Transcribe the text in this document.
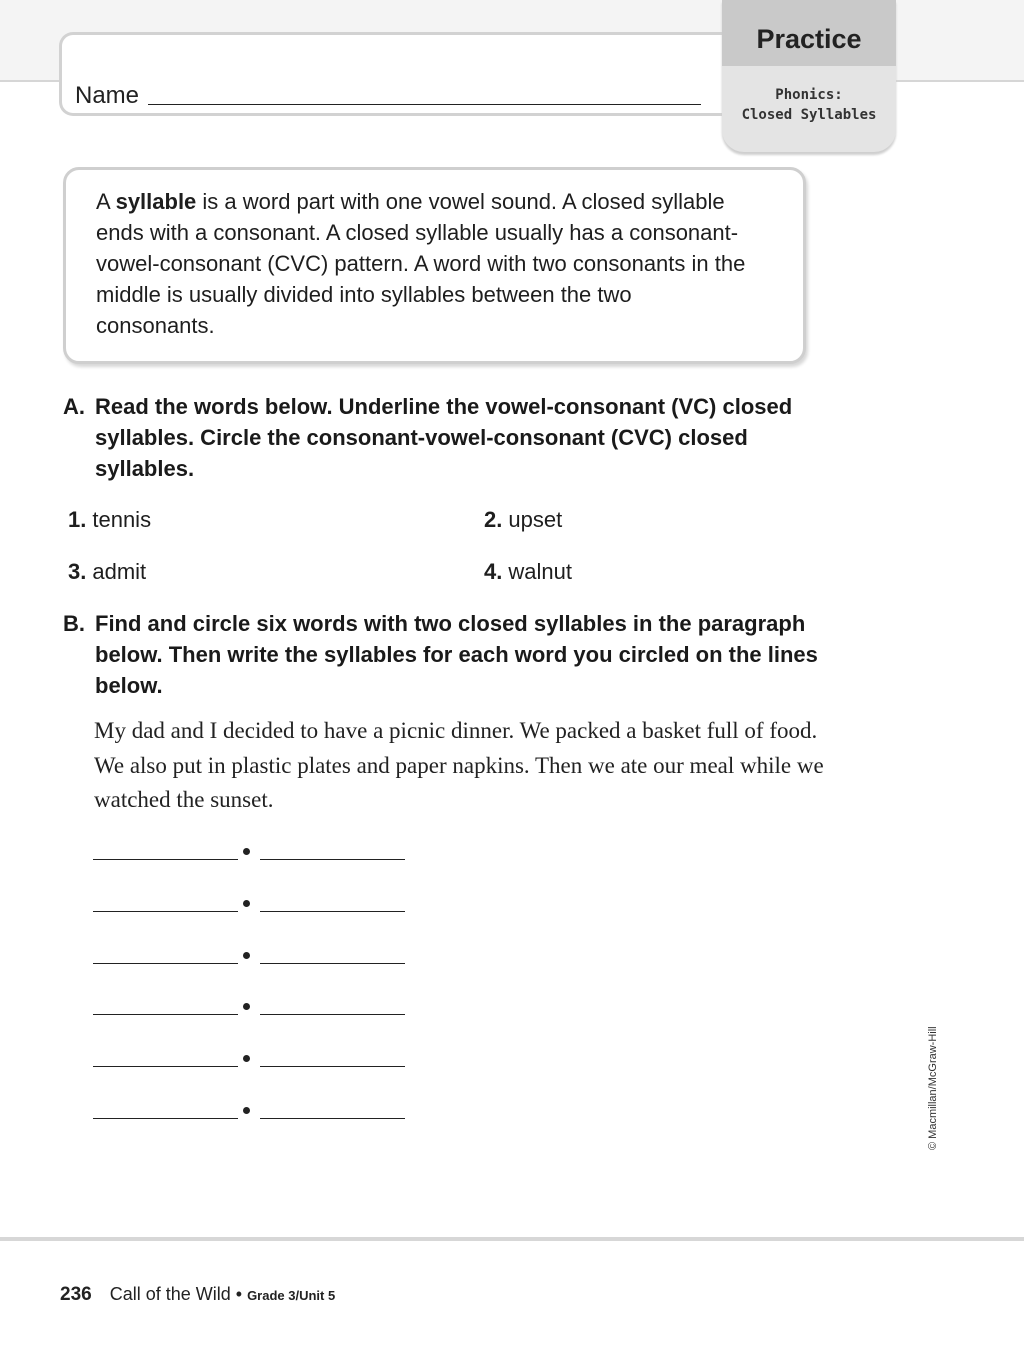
Name
Practice
Phonics:
Closed Syllables
A syllable is a word part with one vowel sound. A closed syllable ends with a consonant. A closed syllable usually has a consonant-vowel-consonant (CVC) pattern. A word with two consonants in the middle is usually divided into syllables between the two consonants.
A. Read the words below. Underline the vowel-consonant (VC) closed syllables. Circle the consonant-vowel-consonant (CVC) closed syllables.
1. tennis	2. upset
3. admit	4. walnut
B. Find and circle six words with two closed syllables in the paragraph below. Then write the syllables for each word you circled on the lines below.
My dad and I decided to have a picnic dinner. We packed a basket full of food. We also put in plastic plates and paper napkins. Then we ate our meal while we watched the sunset.
© Macmillan/McGraw-Hill
236 Call of the Wild • Grade 3/Unit 5
